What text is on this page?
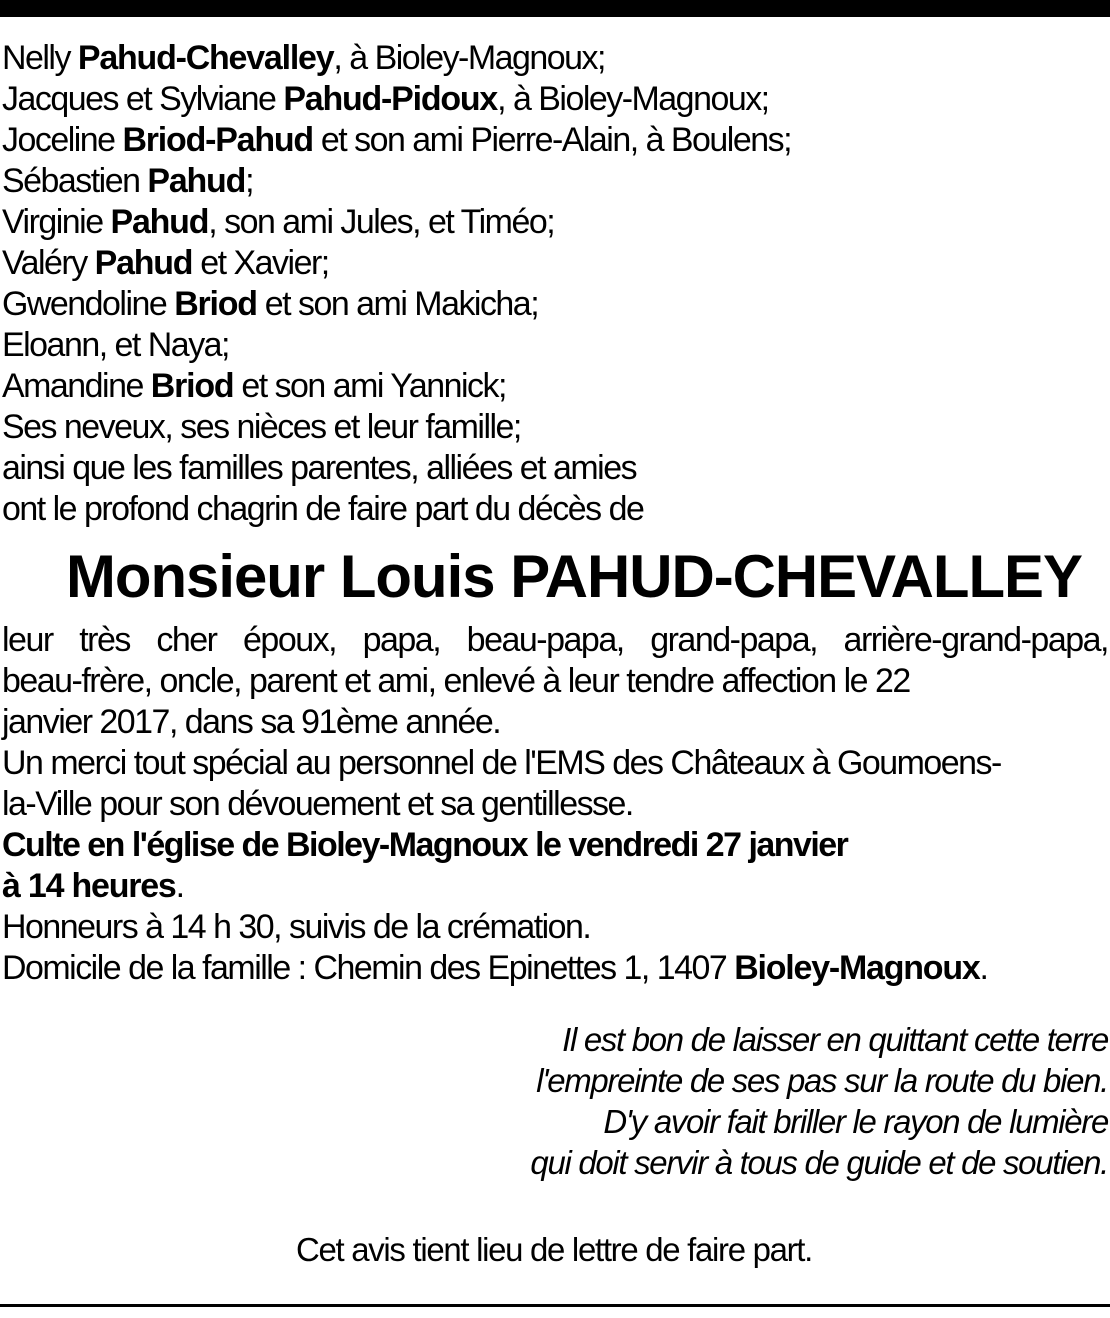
Nelly Pahud-Chevalley, à Bioley-Magnoux;
Jacques et Sylviane Pahud-Pidoux, à Bioley-Magnoux;
Joceline Briod-Pahud et son ami Pierre-Alain, à Boulens;
Sébastien Pahud;
Virginie Pahud, son ami Jules, et Timéo;
Valéry Pahud et Xavier;
Gwendoline Briod et son ami Makicha;
Eloann, et Naya;
Amandine Briod et son ami Yannick;
Ses neveux, ses nièces et leur famille;
ainsi que les familles parentes, alliées et amies
ont le profond chagrin de faire part du décès de
Monsieur Louis PAHUD-CHEVALLEY
leur très cher époux, papa, beau-papa, grand-papa, arrière-grand-papa,
beau-frère, oncle, parent et ami, enlevé à leur tendre affection le 22
janvier 2017, dans sa 91ème année.
Un merci tout spécial au personnel de l'EMS des Châteaux à Goumoens-
la-Ville pour son dévouement et sa gentillesse.
Culte en l'église de Bioley-Magnoux le vendredi 27 janvier
à 14 heures.
Honneurs à 14 h 30, suivis de la crémation.
Domicile de la famille : Chemin des Epinettes 1, 1407 Bioley-Magnoux.
Il est bon de laisser en quittant cette terre
l'empreinte de ses pas sur la route du bien.
D'y avoir fait briller le rayon de lumière
qui doit servir à tous de guide et de soutien.
Cet avis tient lieu de lettre de faire part.
